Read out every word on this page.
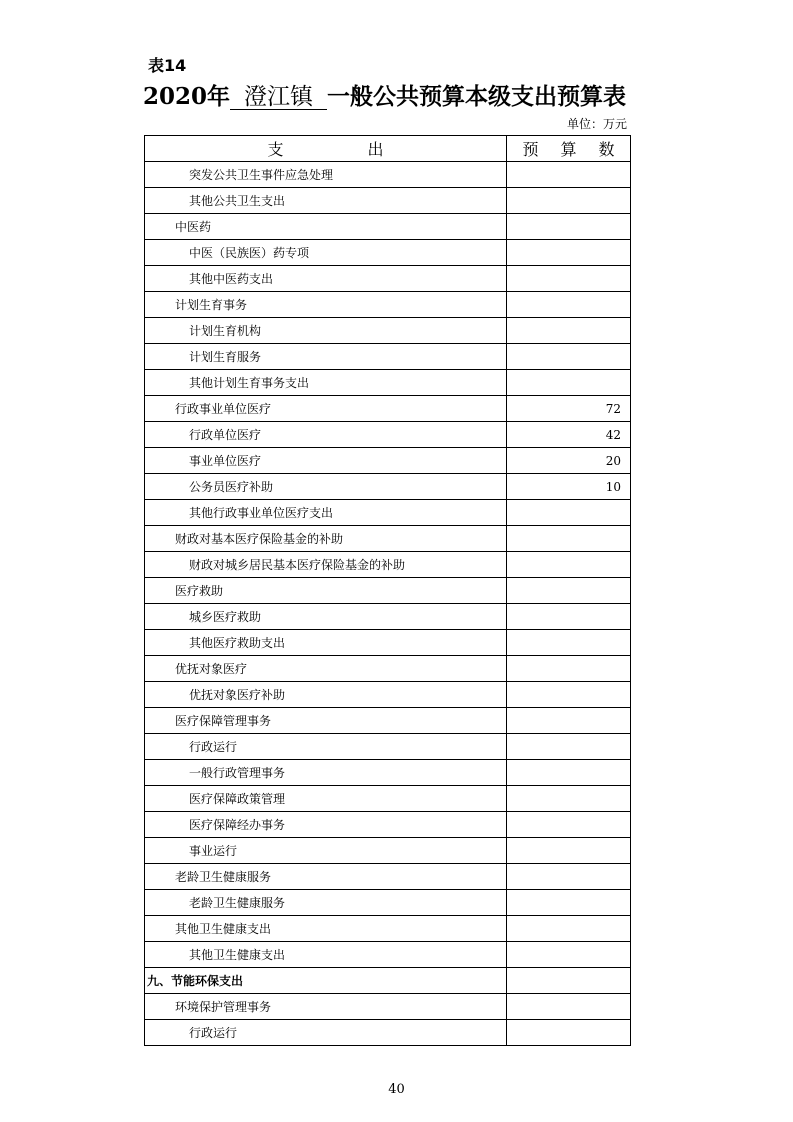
表14
2020年 澄江镇 一般公共预算本级支出预算表
单位：万元
支 出	预 算 数
突发公共卫生事件应急处理	
其他公共卫生支出	
中医药	
中医（民族医）药专项	
其他中医药支出	
计划生育事务	
计划生育机构	
计划生育服务	
其他计划生育事务支出	
行政事业单位医疗	72
行政单位医疗	42
事业单位医疗	20
公务员医疗补助	10
其他行政事业单位医疗支出	
财政对基本医疗保险基金的补助	
财政对城乡居民基本医疗保险基金的补助	
医疗救助	
城乡医疗救助	
其他医疗救助支出	
优抚对象医疗	
优抚对象医疗补助	
医疗保障管理事务	
行政运行	
一般行政管理事务	
医疗保障政策管理	
医疗保障经办事务	
事业运行	
老龄卫生健康服务	
老龄卫生健康服务	
其他卫生健康支出	
其他卫生健康支出	
九、节能环保支出	
环境保护管理事务	
行政运行	
40
